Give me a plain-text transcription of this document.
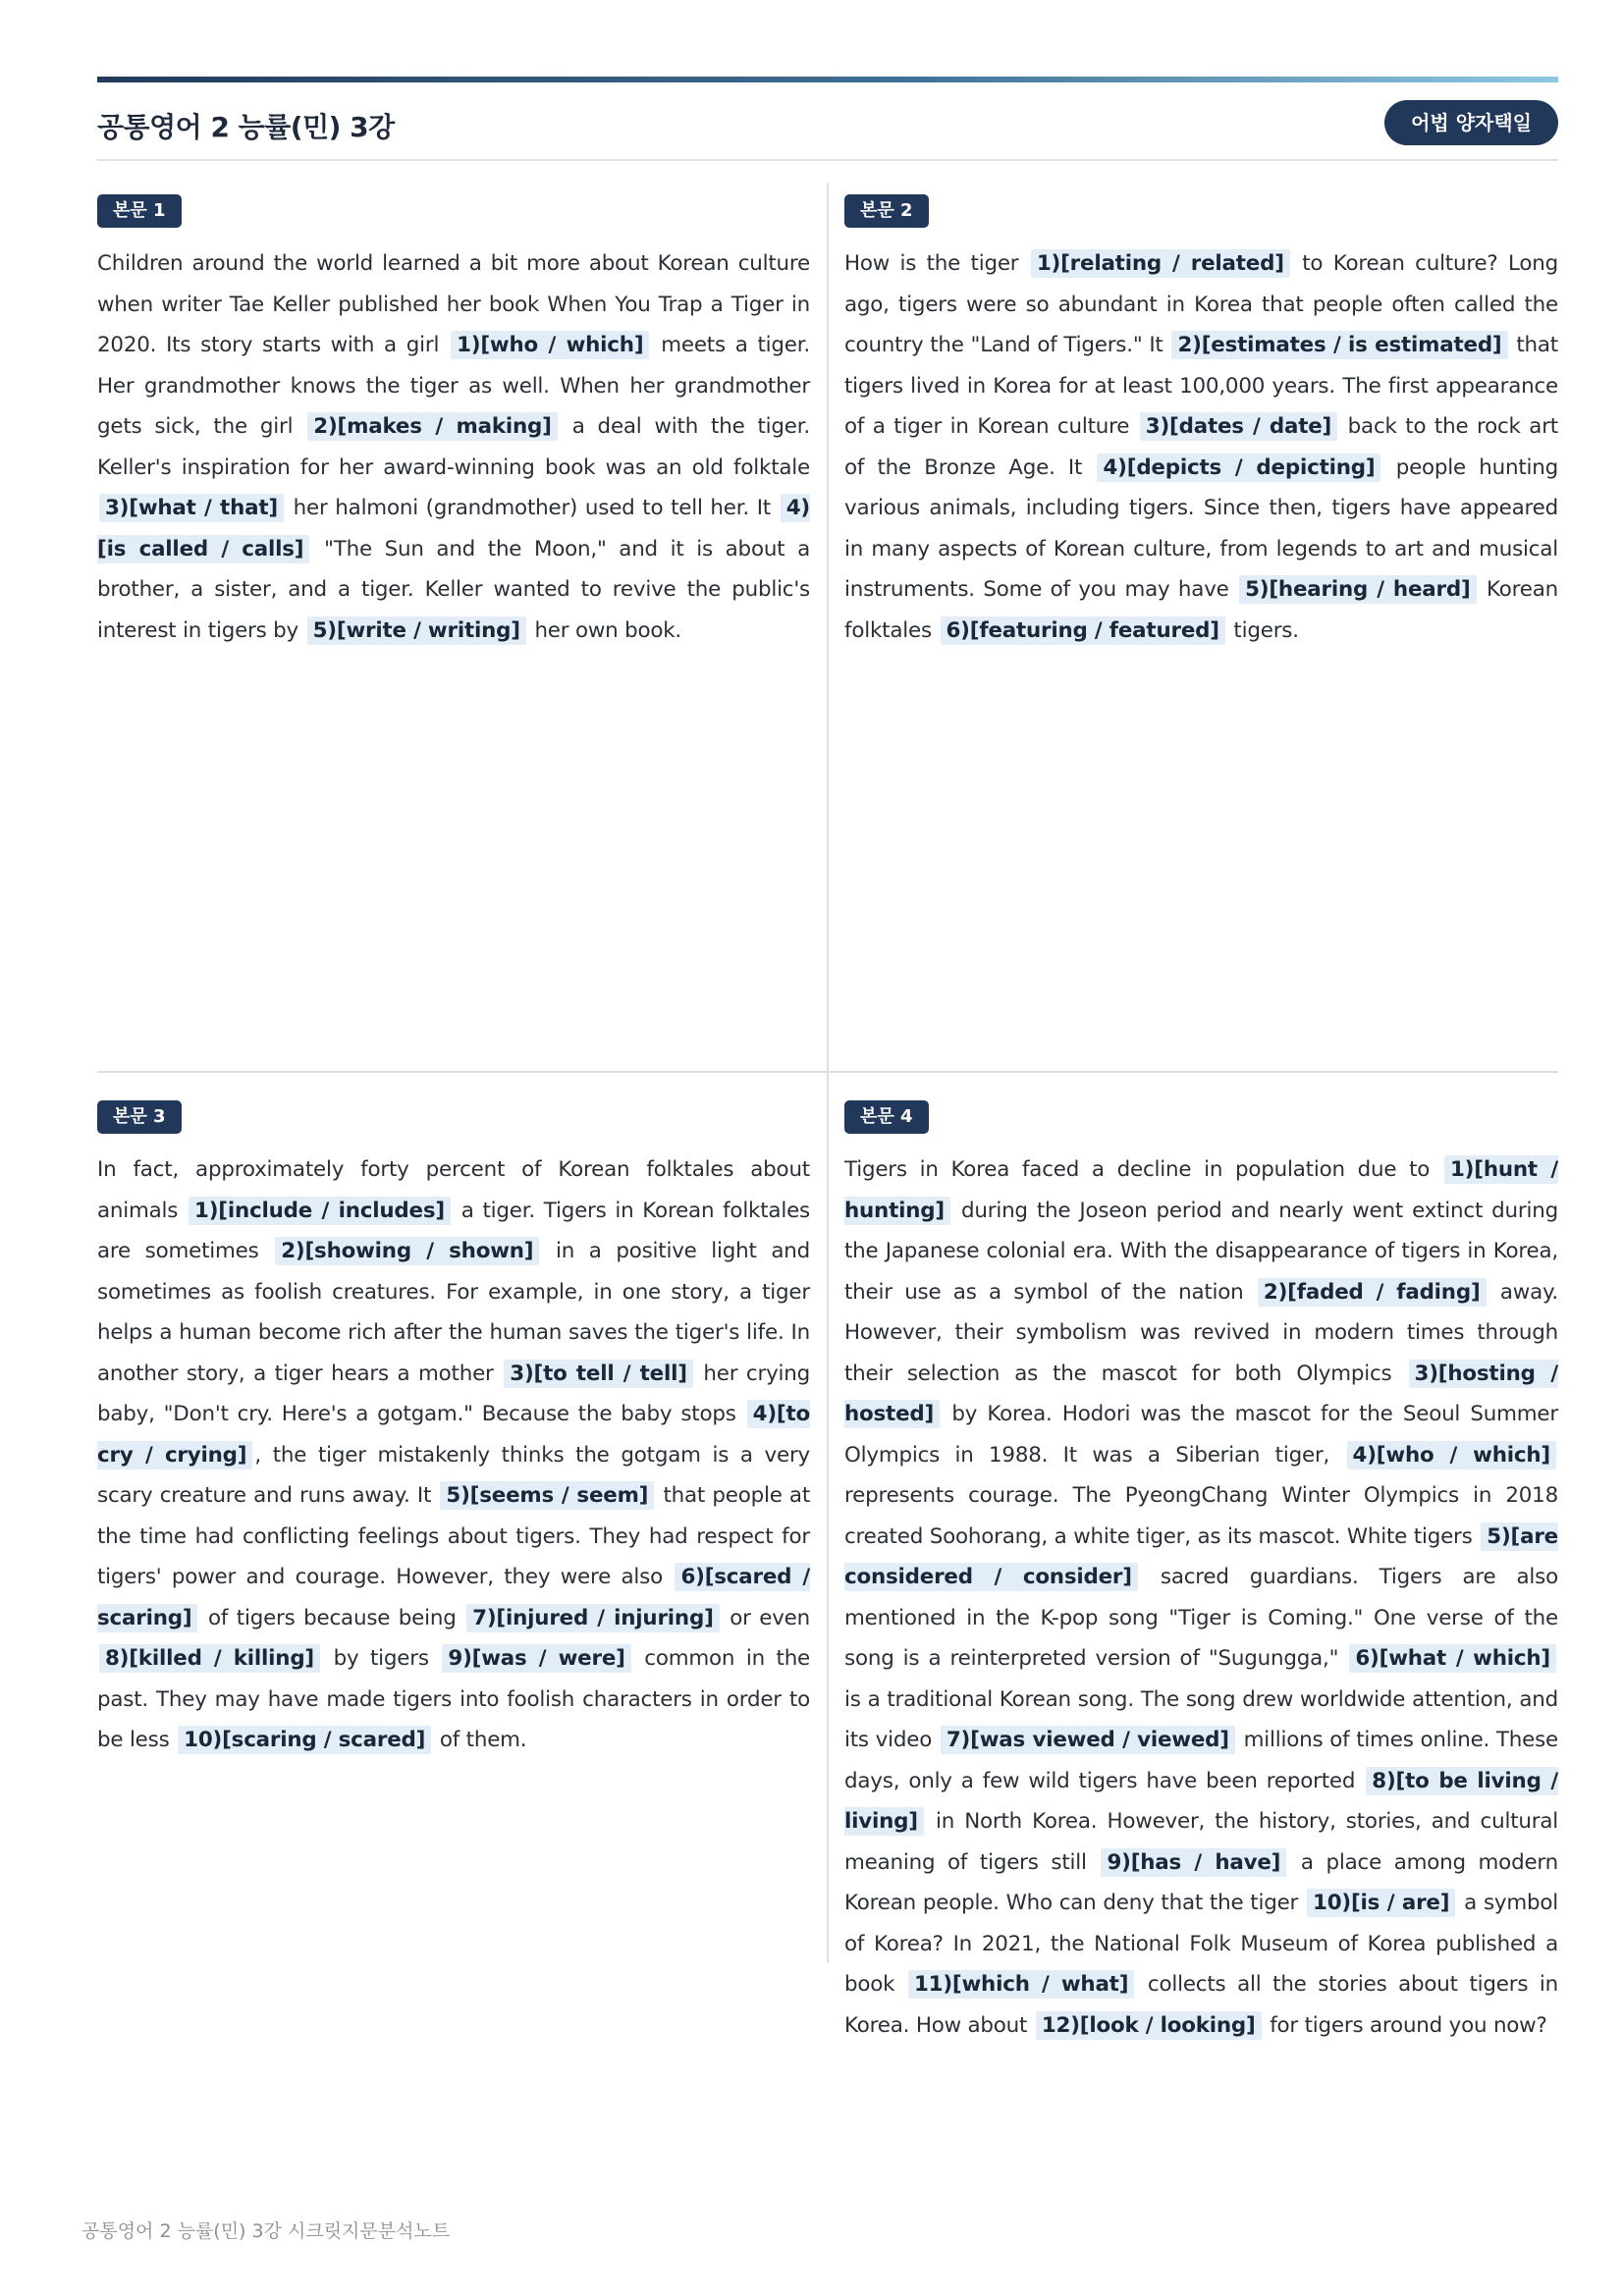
공통영어 2 능률(민) 3강	어법 양자택일
본문 1

Children around the world learned a bit more about Korean culture when writer Tae Keller published her book When You Trap a Tiger in 2020. Its story starts with a girl 1)[who / which] meets a tiger. Her grandmother knows the tiger as well. When her grandmother gets sick, the girl 2)[makes / making] a deal with the tiger. Keller's inspiration for her award-winning book was an old folktale 3)[what / that] her halmoni (grandmother) used to tell her. It 4)[is called / calls] "The Sun and the Moon," and it is about a brother, a sister, and a tiger. Keller wanted to revive the public's interest in tigers by 5)[write / writing] her own book.

본문 2

How is the tiger 1)[relating / related] to Korean culture? Long ago, tigers were so abundant in Korea that people often called the country the "Land of Tigers." It 2)[estimates / is estimated] that tigers lived in Korea for at least 100,000 years. The first appearance of a tiger in Korean culture 3)[dates / date] back to the rock art of the Bronze Age. It 4)[depicts / depicting] people hunting various animals, including tigers. Since then, tigers have appeared in many aspects of Korean culture, from legends to art and musical instruments. Some of you may have 5)[hearing / heard] Korean folktales 6)[featuring / featured] tigers.

본문 3

In fact, approximately forty percent of Korean folktales about animals 1)[include / includes] a tiger. Tigers in Korean folktales are sometimes 2)[showing / shown] in a positive light and sometimes as foolish creatures. For example, in one story, a tiger helps a human become rich after the human saves the tiger's life. In another story, a tiger hears a mother 3)[to tell / tell] her crying baby, "Don't cry. Here's a gotgam." Because the baby stops 4)[to cry / crying] , the tiger mistakenly thinks the gotgam is a very scary creature and runs away. It 5)[seems / seem] that people at the time had conflicting feelings about tigers. They had respect for tigers' power and courage. However, they were also 6)[scared / scaring] of tigers because being 7)[injured / injuring] or even 8)[killed / killing] by tigers 9)[was / were] common in the past. They may have made tigers into foolish characters in order to be less 10)[scaring / scared] of them.

본문 4

Tigers in Korea faced a decline in population due to 1)[hunt / hunting] during the Joseon period and nearly went extinct during the Japanese colonial era. With the disappearance of tigers in Korea, their use as a symbol of the nation 2)[faded / fading] away. However, their symbolism was revived in modern times through their selection as the mascot for both Olympics 3)[hosting / hosted] by Korea. Hodori was the mascot for the Seoul Summer Olympics in 1988. It was a Siberian tiger, 4)[who / which] represents courage. The PyeongChang Winter Olympics in 2018 created Soohorang, a white tiger, as its mascot. White tigers 5)[are considered / consider] sacred guardians. Tigers are also mentioned in the K-pop song "Tiger is Coming." One verse of the song is a reinterpreted version of "Sugungga," 6)[what / which] is a traditional Korean song. The song drew worldwide attention, and its video 7)[was viewed / viewed] millions of times online. These days, only a few wild tigers have been reported 8)[to be living / living] in North Korea. However, the history, stories, and cultural meaning of tigers still 9)[has / have] a place among modern Korean people. Who can deny that the tiger 10)[is / are] a symbol of Korea? In 2021, the National Folk Museum of Korea published a book 11)[which / what] collects all the stories about tigers in Korea. How about 12)[look / looking] for tigers around you now?

공통영어 2 능률(민) 3강 시크릿지문분석노트
